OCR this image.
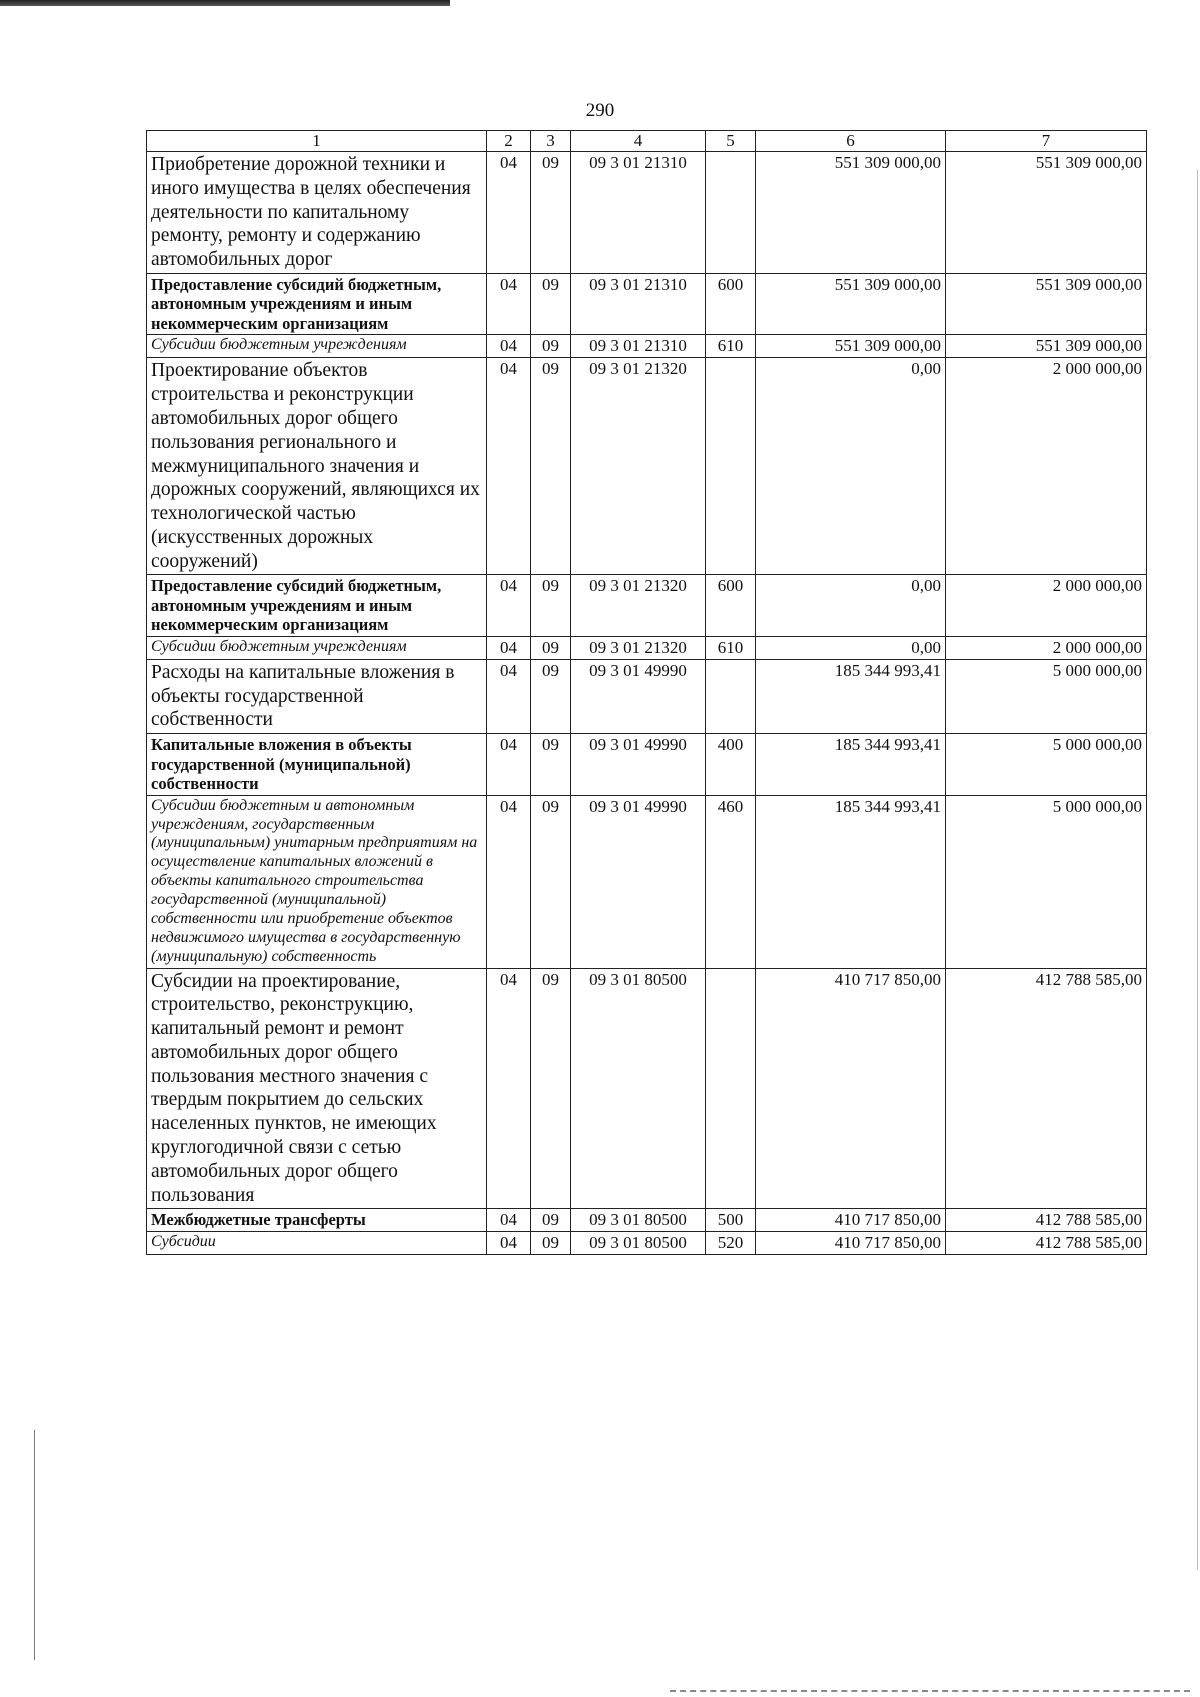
290
1	2	3	4	5	6	7
Приобретение дорожной техники и иного имущества в целях обеспечения деятельности по капитальному ремонту, ремонту и содержанию автомобильных дорог	04	09	09 3 01 21310		551 309 000,00	551 309 000,00
Предоставление субсидий бюджетным, автономным учреждениям и иным некоммерческим организациям	04	09	09 3 01 21310	600	551 309 000,00	551 309 000,00
Субсидии бюджетным учреждениям	04	09	09 3 01 21310	610	551 309 000,00	551 309 000,00
Проектирование объектов строительства и реконструкции автомобильных дорог общего пользования регионального и межмуниципального значения и дорожных сооружений, являющихся их технологической частью (искусственных дорожных сооружений)	04	09	09 3 01 21320		0,00	2 000 000,00
Предоставление субсидий бюджетным, автономным учреждениям и иным некоммерческим организациям	04	09	09 3 01 21320	600	0,00	2 000 000,00
Субсидии бюджетным учреждениям	04	09	09 3 01 21320	610	0,00	2 000 000,00
Расходы на капитальные вложения в объекты государственной собственности	04	09	09 3 01 49990		185 344 993,41	5 000 000,00
Капитальные вложения в объекты государственной (муниципальной) собственности	04	09	09 3 01 49990	400	185 344 993,41	5 000 000,00
Субсидии бюджетным и автономным учреждениям, государственным (муниципальным) унитарным предприятиям на осуществление капитальных вложений в объекты капитального строительства государственной (муниципальной) собственности или приобретение объектов недвижимого имущества в государственную (муниципальную) собственность	04	09	09 3 01 49990	460	185 344 993,41	5 000 000,00
Субсидии на проектирование, строительство, реконструкцию, капитальный ремонт и ремонт автомобильных дорог общего пользования местного значения с твердым покрытием до сельских населенных пунктов, не имеющих круглогодичной связи с сетью автомобильных дорог общего пользования	04	09	09 3 01 80500		410 717 850,00	412 788 585,00
Межбюджетные трансферты	04	09	09 3 01 80500	500	410 717 850,00	412 788 585,00
Субсидии	04	09	09 3 01 80500	520	410 717 850,00	412 788 585,00
